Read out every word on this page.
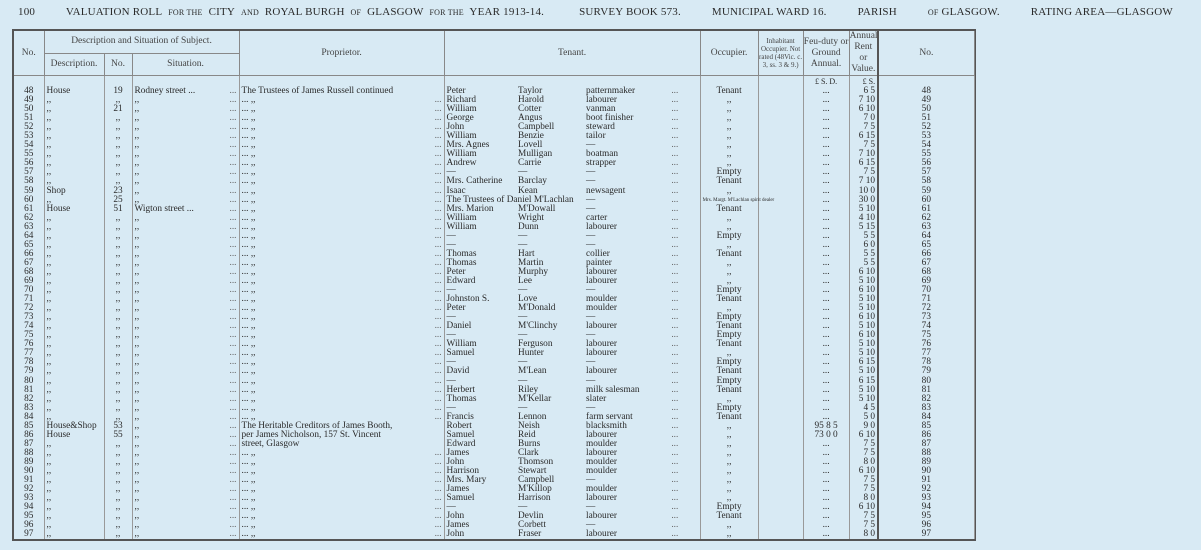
100	VALUATION ROLL FOR THE CITY AND ROYAL BURGH OF GLASGOW FOR THE YEAR 1913-14.	SURVEY BOOK 573.	MUNICIPAL WARD 16.	PARISH	OF GLASGOW.	RATING AREA—GLASGOW
No.	Description and Situation of Subject.				Proprietor.		Tenant.				Occupier.	Inhabitant Occupier. Not rated (48Vic. c. 3, ss. 3 & 9.)	Feu-duty or Ground Annual.	Annual Rent or Value.	No.	
	Description.	No.	Situation.													
													£ S. D.	£ S.		
48	House	19	Rodney street ...	...	The Trustees of James Russell continued		Peter	Taylor	patternmaker	...	Tenant		...	6 5	48	
49	,,	,,	,,	...	... ,,	...	Richard	Harold	labourer	...	,,		...	7 10	49	
50	,,	21	,,	...	... ,,	...	William	Cotter	vanman	...	,,		...	6 10	50	
51	,,	,,	,,	...	... ,,	...	George	Angus	boot finisher	...	,,		...	7 0	51	
52	,,	,,	,,	...	... ,,	...	John	Campbell	steward	...	,,		...	7 5	52	
53	,,	,,	,,	...	... ,,	...	William	Benzie	tailor	...	,,		...	6 15	53	
54	,,	,,	,,	...	... ,,	...	Mrs. Agnes	Lovell	—	...	,,		...	7 5	54	
55	,,	,,	,,	...	... ,,	...	William	Mulligan	boatman	...	,,		...	7 10	55	
56	,,	,,	,,	...	... ,,	...	Andrew	Carrie	strapper	...	,,		...	6 15	56	
57	,,	,,	,,	...	... ,,	...	—	—	—	...	Empty		...	7 5	57	
58	,,	,,	,,	...	... ,,	...	Mrs. Catherine	Barclay	—	...	Tenant		...	7 10	58	
59	Shop	23	,,	...	... ,,	...	Isaac	Kean	newsagent	...	,,		...	10 0	59	
60	,,	25	,,	...	... ,,	...	The Trustees of Daniel M'Lachlan		—	...	Mrs. Margt. M'Lachlan spirit dealer		...	30 0	60	
61	House	51	Wigton street ...	...	... ,,	...	Mrs. Marion	M'Dowall	—	...	Tenant		...	5 10	61	
62	,,	,,	,,	...	... ,,	...	William	Wright	carter	...	,,		...	4 10	62	
63	,,	,,	,,	...	... ,,	...	William	Dunn	labourer	...	,,		...	5 15	63	
64	,,	,,	,,	...	... ,,	...	—	—	—	...	Empty		...	5 5	64	
65	,,	,,	,,	...	... ,,	...	—	—	—	...	,,		...	6 0	65	
66	,,	,,	,,	...	... ,,	...	Thomas	Hart	collier	...	Tenant		...	5 5	66	
67	,,	,,	,,	...	... ,,	...	Thomas	Martin	painter	...	,,		...	5 5	67	
68	,,	,,	,,	...	... ,,	...	Peter	Murphy	labourer	...	,,		...	6 10	68	
69	,,	,,	,,	...	... ,,	...	Edward	Lee	labourer	...	,,		...	5 10	69	
70	,,	,,	,,	...	... ,,	...	—	—	—	...	Empty		...	6 10	70	
71	,,	,,	,,	...	... ,,	...	Johnston S.	Love	moulder	...	Tenant		...	5 10	71	
72	,,	,,	,,	...	... ,,	...	Peter	M'Donald	moulder	...	,,		...	5 10	72	
73	,,	,,	,,	...	... ,,	...	—	—	—	...	Empty		...	6 10	73	
74	,,	,,	,,	...	... ,,	...	Daniel	M'Clinchy	labourer	...	Tenant		...	5 10	74	
75	,,	,,	,,	...	... ,,	...	—	—	—	...	Empty		...	6 10	75	
76	,,	,,	,,	...	... ,,	...	William	Ferguson	labourer	...	Tenant		...	5 10	76	
77	,,	,,	,,	...	... ,,	...	Samuel	Hunter	labourer	...	,,		...	5 10	77	
78	,,	,,	,,	...	... ,,	...	—	—	—	...	Empty		...	6 15	78	
79	,,	,,	,,	...	... ,,	...	David	M'Lean	labourer	...	Tenant		...	5 10	79	
80	,,	,,	,,	...	... ,,	...	—	—	—	...	Empty		...	6 15	80	
81	,,	,,	,,	...	... ,,	...	Herbert	Riley	milk salesman	...	Tenant		...	5 10	81	
82	,,	,,	,,	...	... ,,	...	Thomas	M'Kellar	slater	...	,,		...	5 10	82	
83	,,	,,	,,	...	... ,,	...	—	—	—	...	Empty		...	4 5	83	
84	,,	,,	,,	...	... ,,	...	Francis	Lennon	farm servant	...	Tenant		...	5 0	84	
85	House&Shop	53	,,	...	The Heritable Creditors of James Booth,		Robert	Neish	blacksmith	...	,,		95 8 5	9 0	85	
86	House	55	,,	...	per James Nicholson, 157 St. Vincent		Samuel	Reid	labourer	...	,,		73 0 0	6 10	86	
87	,,	,,	,,	...	street, Glasgow		Edward	Burns	moulder	...	,,		...	7 5	87	
88	,,	,,	,,	...	... ,,	...	James	Clark	labourer	...	,,		...	7 5	88	
89	,,	,,	,,	...	... ,,	...	John	Thomson	moulder	...	,,		...	8 0	89	
90	,,	,,	,,	...	... ,,	...	Harrison	Stewart	moulder	...	,,		...	6 10	90	
91	,,	,,	,,	...	... ,,	...	Mrs. Mary	Campbell	—	...	,,		...	7 5	91	
92	,,	,,	,,	...	... ,,	...	James	M'Killop	moulder	...	,,		...	7 5	92	
93	,,	,,	,,	...	... ,,	...	Samuel	Harrison	labourer	...	,,		...	8 0	93	
94	,,	,,	,,	...	... ,,	...	—	—	—	...	Empty		...	6 10	94	
95	,,	,,	,,	...	... ,,	...	John	Devlin	labourer	...	Tenant		...	7 5	95	
96	,,	,,	,,	...	... ,,	...	James	Corbett	—	...	,,		...	7 5	96	
97	,,	,,	,,	...	... ,,	...	John	Fraser	labourer	...	,,		...	8 0	97	
